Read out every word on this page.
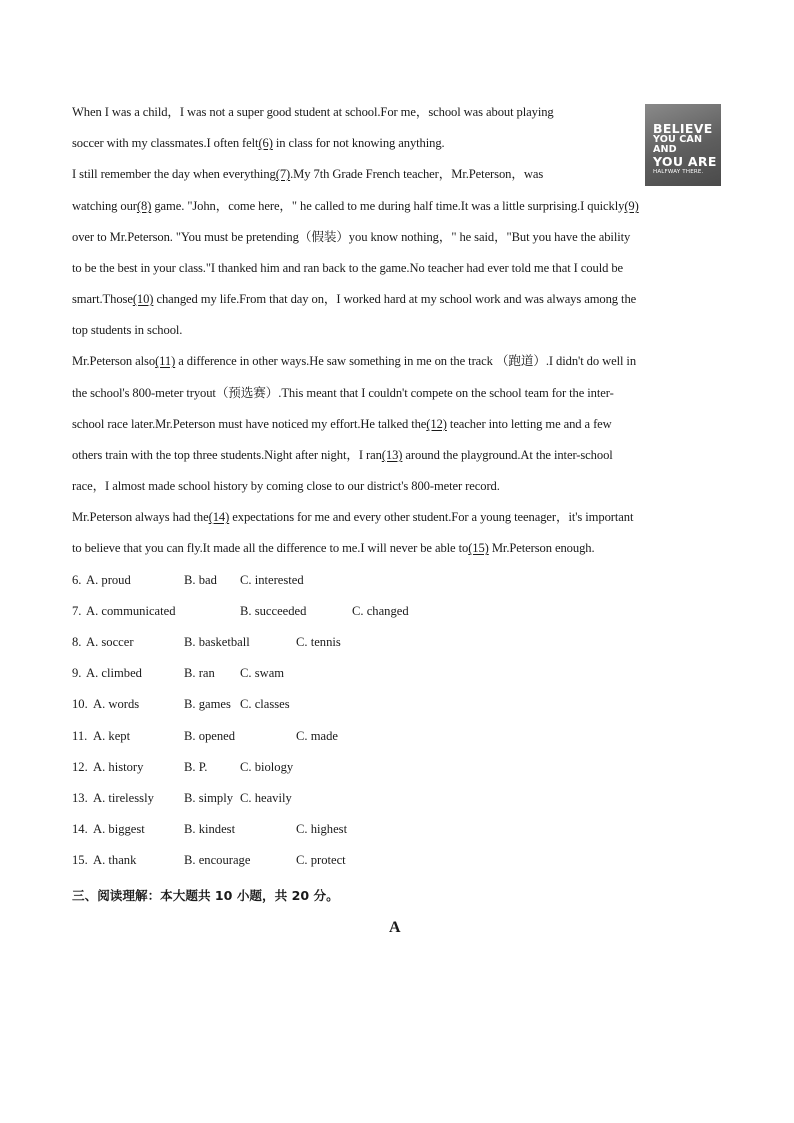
When I was a child，I was not a super good student at school.For me，school was about playing
soccer with my classmates.I often felt(6) in class for not knowing anything.
I still remember the day when everything(7).My 7th Grade French teacher，Mr.Peterson，was
watching our(8) game. "John，come here，" he called to me during half time.It was a little surprising.I quickly(9)
over to Mr.Peterson. "You must be pretending（假装）you know nothing，" he said，"But you have the ability
to be the best in your class."I thanked him and ran back to the game.No teacher had ever told me that I could be
smart.Those(10) changed my life.From that day on，I worked hard at my school work and was always among the
top students in school.
Mr.Peterson also(11) a difference in other ways.He saw something in me on the track （跑道）.I didn't do well in
the school's 800-meter tryout（预选赛）.This meant that I couldn't compete on the school team for the inter-
school race later.Mr.Peterson must have noticed my effort.He talked the(12) teacher into letting me and a few
others train with the top three students.Night after night，I ran(13) around the playground.At the inter-school
race，I almost made school history by coming close to our district's 800-meter record.
Mr.Peterson always had the(14) expectations for me and every other student.For a young teenager，it's important
to believe that you can fly.It made all the difference to me.I will never be able to(15) Mr.Peterson enough.
BELIEVE
YOU CAN AND
YOU ARE
HALFWAY THERE.
6. A. proud	B. bad C. interested
7. A. communicated	B. succeeded	C. changed
8. A. soccer	B. basketball	C. tennis
9. A. climbed	B. ran C. swam
10. A. words	B. games C. classes
11. A. kept	B. opened	C. made
12. A. history	B. P.	C. biology
13. A. tirelessly B. simply C. heavily
14. A. biggest	B. kindest	C. highest
15. A. thank	B. encourage	C. protect
三、阅读理解：本大题共 10 小题，共 20 分。
A
